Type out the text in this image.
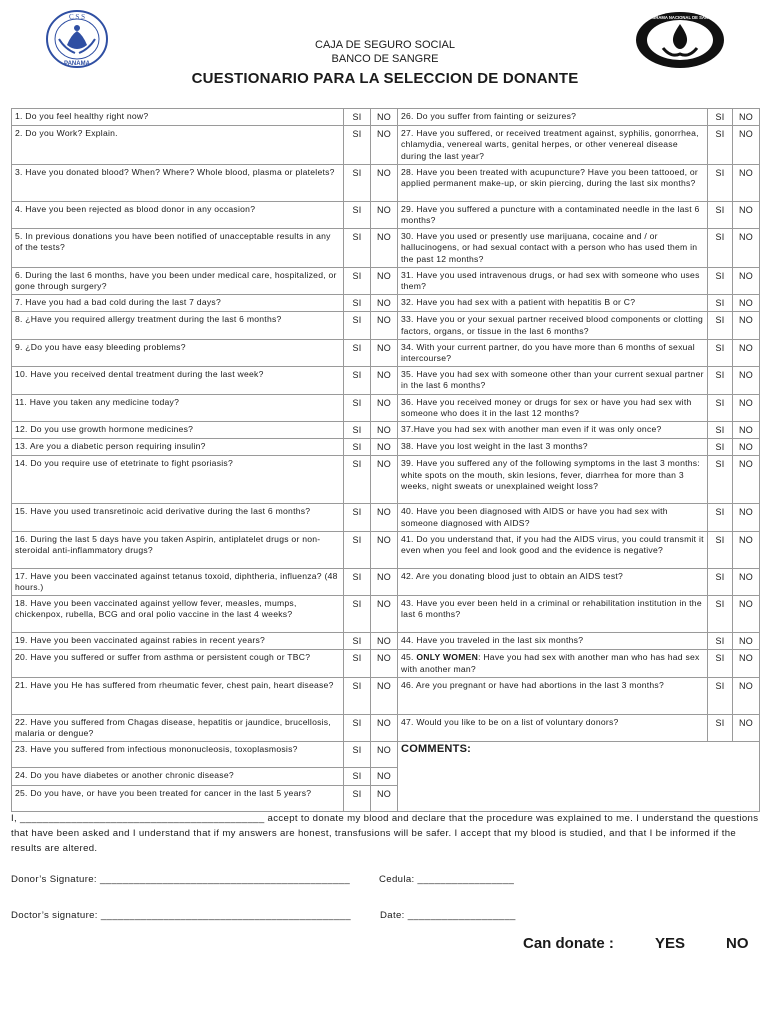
C S S
PANAMA
PROGRAMA NACIONAL DE SANGRE
CAJA DE SEGURO SOCIAL
BANCO DE SANGRE
CUESTIONARIO PARA LA SELECCION DE DONANTE
1. Do you feel healthy right now?	SI	NO	26. Do you suffer from fainting or seizures?	SI	NO
2. Do you Work? Explain.	SI	NO	27. Have you suffered, or received treatment against, syphilis, gonorrhea, chlamydia, venereal warts, genital herpes, or other venereal disease during the last year?	SI	NO
3. Have you donated blood? When? Where? Whole blood, plasma or platelets?	SI	NO	28. Have you been treated with acupuncture? Have you been tattooed, or applied permanent make-up, or skin piercing, during the last six months?	SI	NO
4. Have you been rejected as blood donor in any occasion?	SI	NO	29. Have you suffered a puncture with a contaminated needle in the last 6 months?	SI	NO
5. In previous donations you have been notified of unacceptable results in any of the tests?	SI	NO	30. Have you used or presently use marijuana, cocaine and / or hallucinogens, or had sexual contact with a person who has used them in the past 12 months?	SI	NO
6. During the last 6 months, have you been under medical care, hospitalized, or gone through surgery?	SI	NO	31. Have you used intravenous drugs, or had sex with someone who uses them?	SI	NO
7. Have you had a bad cold during the last 7 days?	SI	NO	32. Have you had sex with a patient with hepatitis B or C?	SI	NO
8. ¿Have you required allergy treatment during the last 6 months?	SI	NO	33. Have you or your sexual partner received blood components or clotting factors, organs, or tissue in the last 6 months?	SI	NO
9. ¿Do you have easy bleeding problems?	SI	NO	34. With your current partner, do you have more than 6 months of sexual intercourse?	SI	NO
10. Have you received dental treatment during the last week?	SI	NO	35. Have you had sex with someone other than your current sexual partner in the last 6 months?	SI	NO
11. Have you taken any medicine today?	SI	NO	36. Have you received money or drugs for sex or have you had sex with someone who does it in the last 12 months?	SI	NO
12. Do you use growth hormone medicines?	SI	NO	37.Have you had sex with another man even if it was only once?	SI	NO
13. Are you a diabetic person requiring insulin?	SI	NO	38. Have you lost weight in the last 3 months?	SI	NO
14. Do you require use of etetrinate to fight psoriasis?	SI	NO	39. Have you suffered any of the following symptoms in the last 3 months: white spots on the mouth, skin lesions, fever, diarrhea for more than 3 weeks, night sweats or unexplained weight loss?	SI	NO
15. Have you used transretinoic acid derivative during the last 6 months?	SI	NO	40. Have you been diagnosed with AIDS or have you had sex with someone diagnosed with AIDS?	SI	NO
16. During the last 5 days have you taken Aspirin, antiplatelet drugs or non-steroidal anti-inflammatory drugs?	SI	NO	41. Do you understand that, if you had the AIDS virus, you could transmit it even when you feel and look good and the evidence is negative?	SI	NO
17. Have you been vaccinated against tetanus toxoid, diphtheria, influenza? (48 hours.)	SI	NO	42. Are you donating blood just to obtain an AIDS test?	SI	NO
18. Have you been vaccinated against yellow fever, measles, mumps, chickenpox, rubella, BCG and oral polio vaccine in the last 4 weeks?	SI	NO	43. Have you ever been held in a criminal or rehabilitation institution in the last 6 months?	SI	NO
19. Have you been vaccinated against rabies in recent years?	SI	NO	44. Have you traveled in the last six months?	SI	NO
20. Have you suffered or suffer from asthma or persistent cough or TBC?	SI	NO	45. ONLY WOMEN: Have you had sex with another man who has had sex with another man?	SI	NO
21. Have you He has suffered from rheumatic fever, chest pain, heart disease?	SI	NO	46. Are you pregnant or have had abortions in the last 3 months?	SI	NO
22. Have you suffered from Chagas disease, hepatitis or jaundice, brucellosis, malaria or dengue?	SI	NO	47. Would you like to be on a list of voluntary donors?	SI	NO
23. Have you suffered from infectious mononucleosis, toxoplasmosis?	SI	NO	COMMENTS:		
24. Do you have diabetes or another chronic disease?	SI	NO			
25. Do you have, or have you been treated for cancer in the last 5 years?	SI	NO			
I, ___________________________________________ accept to donate my blood and declare that the procedure was explained to me. I understand the questions that have been asked and I understand that if my answers are honest, transfusions will be safer. I accept that my blood is studied, and that I be informed if the results are altered.
Donor’s Signature: ____________________________________________	Cedula: _________________
Doctor’s signature: ____________________________________________	Date: ___________________
Can donate :	YES	NO
